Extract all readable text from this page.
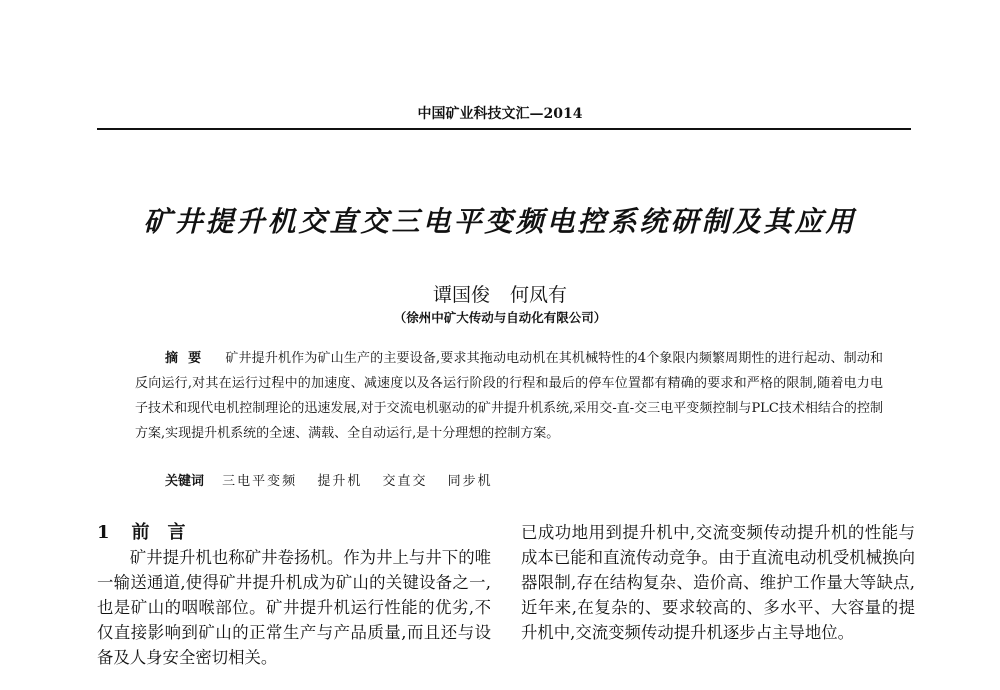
中国矿业科技文汇—2014
矿井提升机交直交三电平变频电控系统研制及其应用
谭国俊 何凤有
（徐州中矿大传动与自动化有限公司）
摘要 矿井提升机作为矿山生产的主要设备,要求其拖动电动机在其机械特性的4个象限内频繁周期性的进行起动、制动和反向运行,对其在运行过程中的加速度、减速度以及各运行阶段的行程和最后的停车位置都有精确的要求和严格的限制,随着电力电子技术和现代电机控制理论的迅速发展,对于交流电机驱动的矿井提升机系统,采用交-直-交三电平变频控制与PLC技术相结合的控制方案,实现提升机系统的全速、满载、全自动运行,是十分理想的控制方案。
关键词 三电平变频 提升机 交直交 同步机
1 前言

矿井提升机也称矿井卷扬机。作为井上与井下的唯一输送通道,使得矿井提升机成为矿山的关键设备之一,也是矿山的咽喉部位。矿井提升机运行性能的优劣,不仅直接影响到矿山的正常生产与产品质量,而且还与设备及人身安全密切相关。

已成功地用到提升机中,交流变频传动提升机的性能与成本已能和直流传动竞争。由于直流电动机受机械换向器限制,存在结构复杂、造价高、维护工作量大等缺点,近年来,在复杂的、要求较高的、多水平、大容量的提升机中,交流变频传动提升机逐步占主导地位。
